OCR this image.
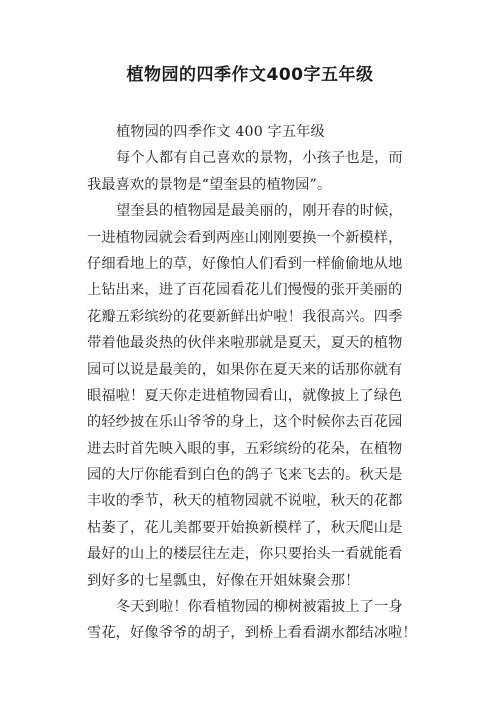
植物园的四季作文400字五年级
植物园的四季作文 400 字五年级
每个人都有自己喜欢的景物，小孩子也是，而
我最喜欢的景物是“望奎县的植物园”。
望奎县的植物园是最美丽的，刚开春的时候，
一进植物园就会看到两座山刚刚要换一个新模样，
仔细看地上的草，好像怕人们看到一样偷偷地从地
上钻出来，进了百花园看花儿们慢慢的张开美丽的
花瓣五彩缤纷的花要新鲜出炉啦！我很高兴。四季
带着他最炎热的伙伴来啦那就是夏天，夏天的植物
园可以说是最美的，如果你在夏天来的话那你就有
眼福啦！夏天你走进植物园看山，就像披上了绿色
的轻纱披在乐山爷爷的身上，这个时候你去百花园
进去时首先映入眼的事，五彩缤纷的花朵，在植物
园的大厅你能看到白色的鸽子飞来飞去的。秋天是
丰收的季节，秋天的植物园就不说啦，秋天的花都
枯萎了，花儿美都要开始换新模样了，秋天爬山是
最好的山上的楼层往左走，你只要抬头一看就能看
到好多的七星瓢虫，好像在开姐妹聚会那！
冬天到啦！你看植物园的柳树被霜披上了一身
雪花，好像爷爷的胡子，到桥上看看湖水都结冰啦！
